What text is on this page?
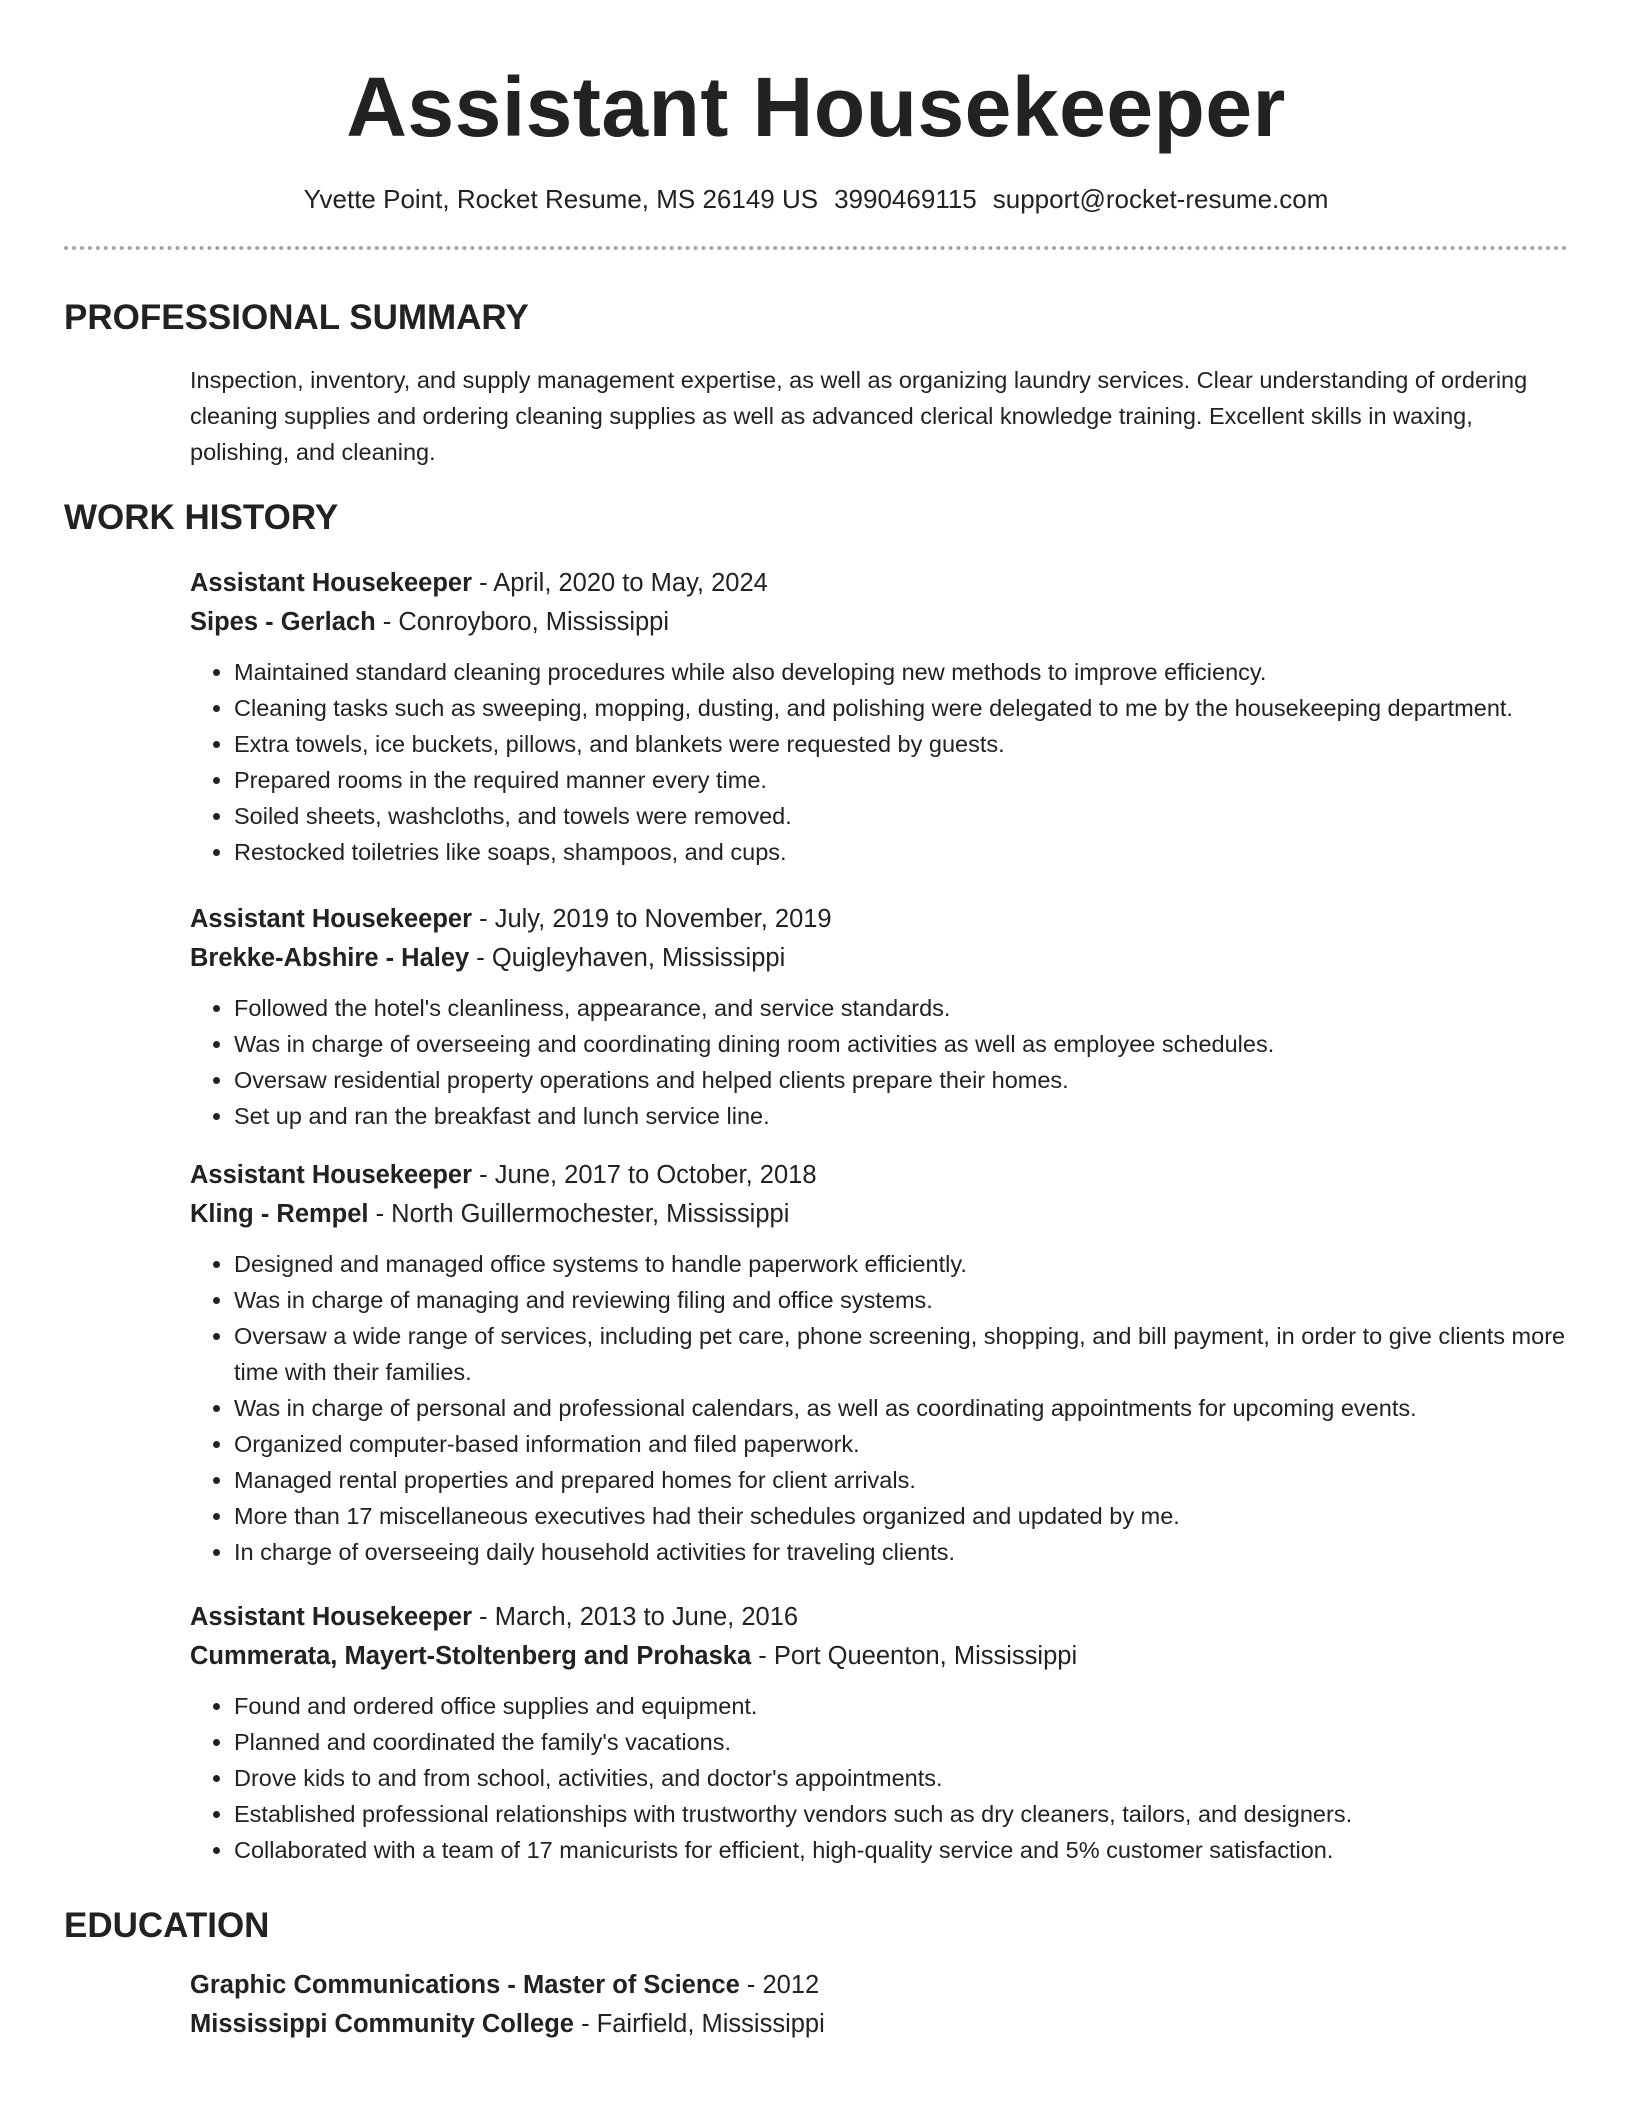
Assistant Housekeeper
Yvette Point, Rocket Resume, MS 26149 US 3990469115 support@rocket-resume.com
PROFESSIONAL SUMMARY
Inspection, inventory, and supply management expertise, as well as organizing laundry services. Clear understanding of ordering cleaning supplies and ordering cleaning supplies as well as advanced clerical knowledge training. Excellent skills in waxing, polishing, and cleaning.
WORK HISTORY
Assistant Housekeeper - April, 2020 to May, 2024
Sipes - Gerlach - Conroyboro, Mississippi
• Maintained standard cleaning procedures while also developing new methods to improve efficiency.
• Cleaning tasks such as sweeping, mopping, dusting, and polishing were delegated to me by the housekeeping department.
• Extra towels, ice buckets, pillows, and blankets were requested by guests.
• Prepared rooms in the required manner every time.
• Soiled sheets, washcloths, and towels were removed.
• Restocked toiletries like soaps, shampoos, and cups.
Assistant Housekeeper - July, 2019 to November, 2019
Brekke-Abshire - Haley - Quigleyhaven, Mississippi
• Followed the hotel's cleanliness, appearance, and service standards.
• Was in charge of overseeing and coordinating dining room activities as well as employee schedules.
• Oversaw residential property operations and helped clients prepare their homes.
• Set up and ran the breakfast and lunch service line.
Assistant Housekeeper - June, 2017 to October, 2018
Kling - Rempel - North Guillermochester, Mississippi
• Designed and managed office systems to handle paperwork efficiently.
• Was in charge of managing and reviewing filing and office systems.
• Oversaw a wide range of services, including pet care, phone screening, shopping, and bill payment, in order to give clients more time with their families.
• Was in charge of personal and professional calendars, as well as coordinating appointments for upcoming events.
• Organized computer-based information and filed paperwork.
• Managed rental properties and prepared homes for client arrivals.
• More than 17 miscellaneous executives had their schedules organized and updated by me.
• In charge of overseeing daily household activities for traveling clients.
Assistant Housekeeper - March, 2013 to June, 2016
Cummerata, Mayert-Stoltenberg and Prohaska - Port Queenton, Mississippi
• Found and ordered office supplies and equipment.
• Planned and coordinated the family's vacations.
• Drove kids to and from school, activities, and doctor's appointments.
• Established professional relationships with trustworthy vendors such as dry cleaners, tailors, and designers.
• Collaborated with a team of 17 manicurists for efficient, high-quality service and 5% customer satisfaction.
EDUCATION
Graphic Communications - Master of Science - 2012
Mississippi Community College - Fairfield, Mississippi
